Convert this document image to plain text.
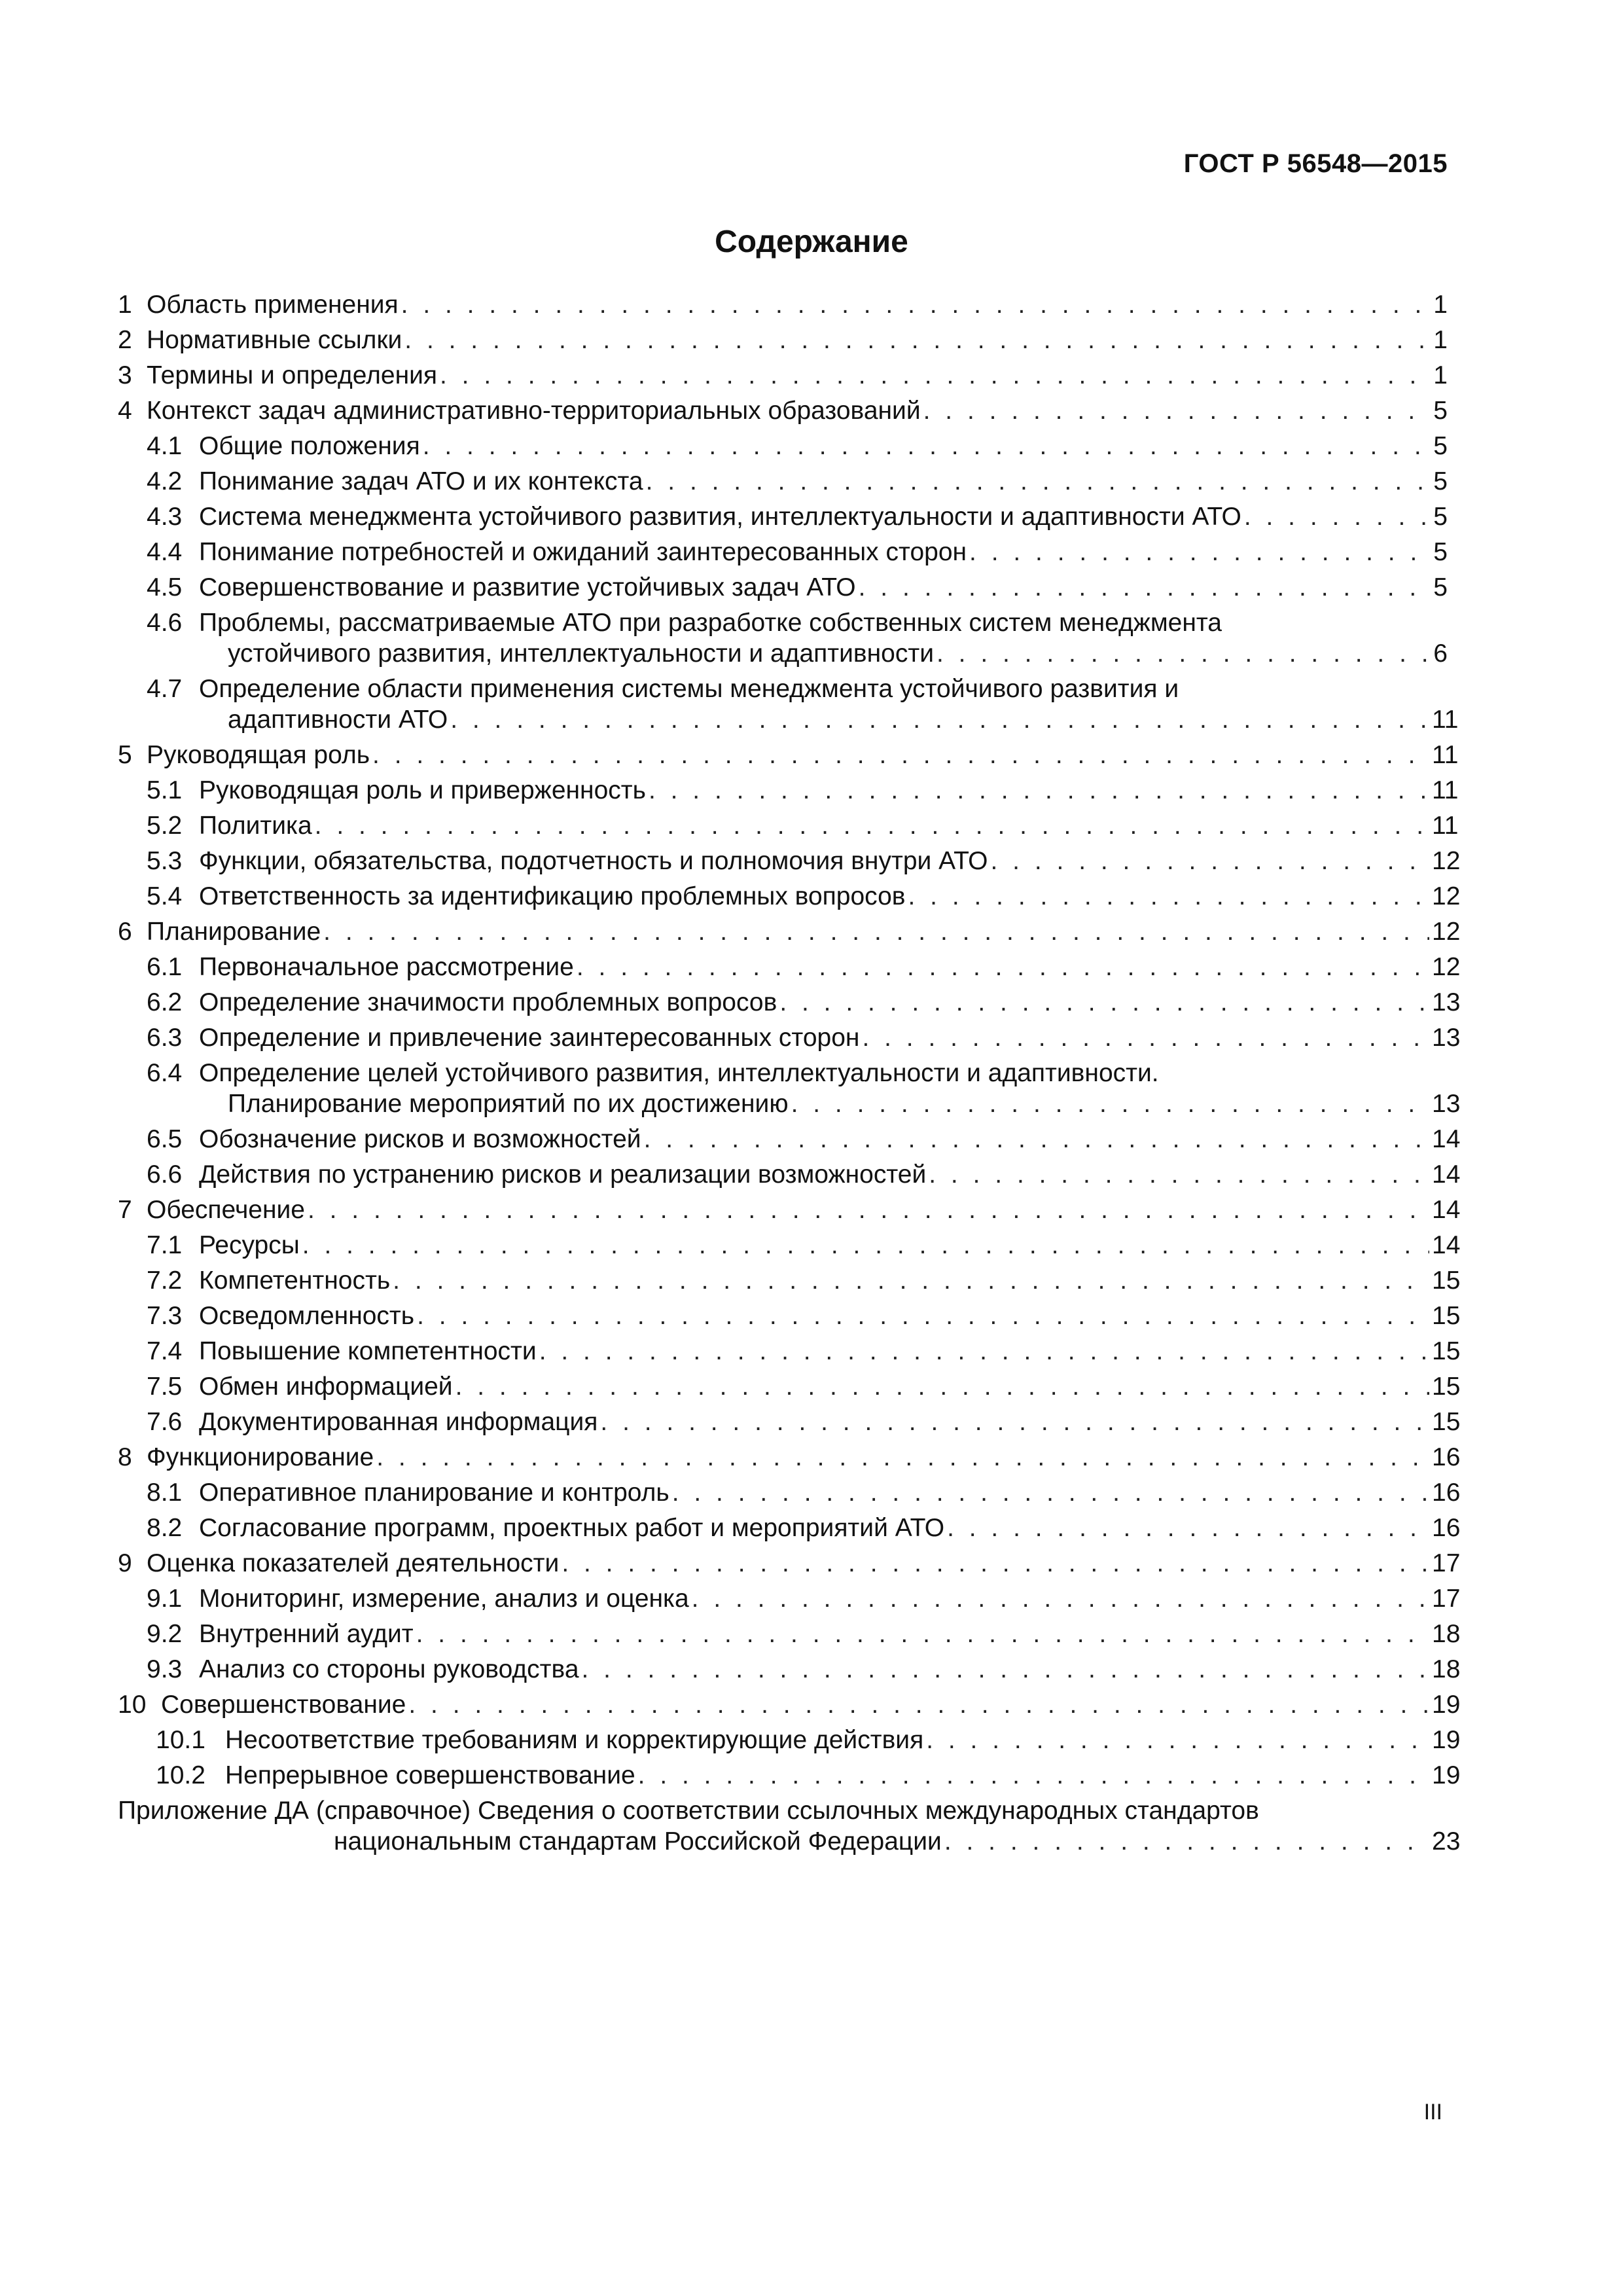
ГОСТ Р 56548—2015
Содержание
1 Область применения . . .	1
2 Нормативные ссылки . . .	1
3 Термины и определения . . .	1
4 Контекст задач административно-территориальных образований . . .	5
4.1 Общие положения . . .	5
4.2 Понимание задач АТО и их контекста . . .	5
4.3 Система менеджмента устойчивого развития, интеллектуальности и адаптивности АТО . . .	5
4.4 Понимание потребностей и ожиданий заинтересованных сторон . . .	5
4.5 Совершенствование и развитие устойчивых задач АТО . . .	5
4.6 Проблемы, рассматриваемые АТО при разработке собственных систем менеджмента
устойчивого развития, интеллектуальности и адаптивности . . .	6
4.7 Определение области применения системы менеджмента устойчивого развития и
адаптивности АТО . . .	11
5 Руководящая роль . . .	11
5.1 Руководящая роль и приверженность . . .	11
5.2 Политика . . .	11
5.3 Функции, обязательства, подотчетность и полномочия внутри АТО . . .	12
5.4 Ответственность за идентификацию проблемных вопросов . . .	12
6 Планирование . . .	12
6.1 Первоначальное рассмотрение . . .	12
6.2 Определение значимости проблемных вопросов . . .	13
6.3 Определение и привлечение заинтересованных сторон . . .	13
6.4 Определение целей устойчивого развития, интеллектуальности и адаптивности.
Планирование мероприятий по их достижению . . .	13
6.5 Обозначение рисков и возможностей . . .	14
6.6 Действия по устранению рисков и реализации возможностей . . .	14
7 Обеспечение . . .	14
7.1 Ресурсы . . .	14
7.2 Компетентность . . .	15
7.3 Осведомленность . . .	15
7.4 Повышение компетентности . . .	15
7.5 Обмен информацией . . .	15
7.6 Документированная информация . . .	15
8 Функционирование . . .	16
8.1 Оперативное планирование и контроль . . .	16
8.2 Согласование программ, проектных работ и мероприятий АТО . . .	16
9 Оценка показателей деятельности . . .	17
9.1 Мониторинг, измерение, анализ и оценка . . .	17
9.2 Внутренний аудит . . .	18
9.3 Анализ со стороны руководства . . .	18
10 Совершенствование . . .	19
10.1 Несоответствие требованиям и корректирующие действия . . .	19
10.2 Непрерывное совершенствование . . .	19
Приложение ДА (справочное) Сведения о соответствии ссылочных международных стандартов
национальным стандартам Российской Федерации . . .	23
III
